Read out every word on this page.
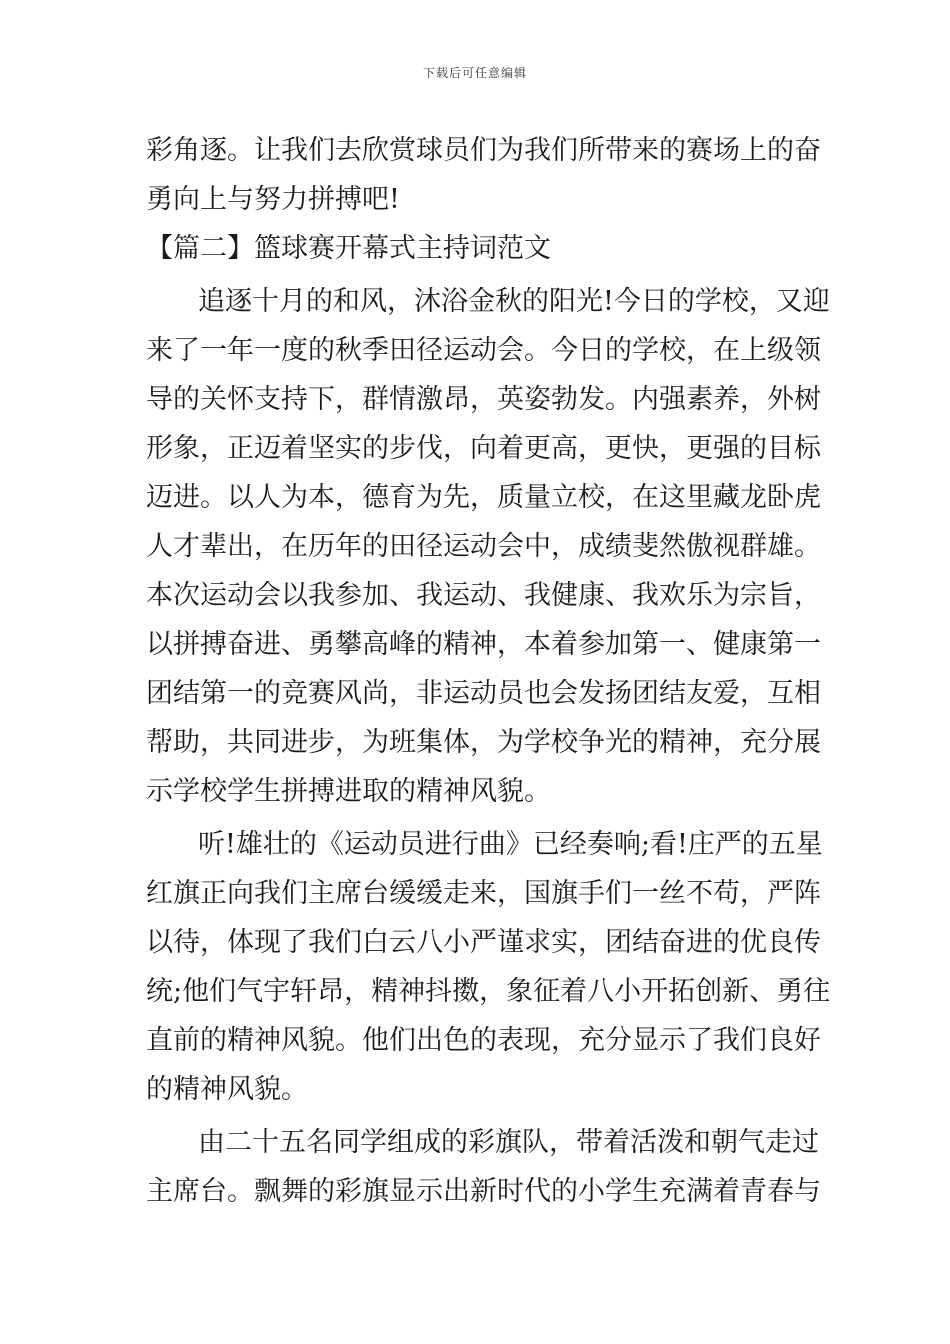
下载后可任意编辑
彩角逐。让我们去欣赏球员们为我们所带来的赛场上的奋
勇向上与努力拼搏吧!
【篇二】篮球赛开幕式主持词范文
追逐十月的和风，沐浴金秋的阳光!今日的学校，又迎
来了一年一度的秋季田径运动会。今日的学校，在上级领
导的关怀支持下，群情激昂，英姿勃发。内强素养，外树
形象，正迈着坚实的步伐，向着更高，更快，更强的目标
迈进。以人为本，德育为先，质量立校，在这里藏龙卧虎
人才辈出，在历年的田径运动会中，成绩斐然傲视群雄。
本次运动会以我参加、我运动、我健康、我欢乐为宗旨，
以拼搏奋进、勇攀高峰的精神，本着参加第一、健康第一
团结第一的竞赛风尚，非运动员也会发扬团结友爱，互相
帮助，共同进步，为班集体，为学校争光的精神，充分展
示学校学生拼搏进取的精神风貌。
听!雄壮的《运动员进行曲》已经奏响;看!庄严的五星
红旗正向我们主席台缓缓走来，国旗手们一丝不苟，严阵
以待，体现了我们白云八小严谨求实，团结奋进的优良传
统;他们气宇轩昂，精神抖擞，象征着八小开拓创新、勇往
直前的精神风貌。他们出色的表现，充分显示了我们良好
的精神风貌。
由二十五名同学组成的彩旗队，带着活泼和朝气走过
主席台。飘舞的彩旗显示出新时代的小学生充满着青春与
